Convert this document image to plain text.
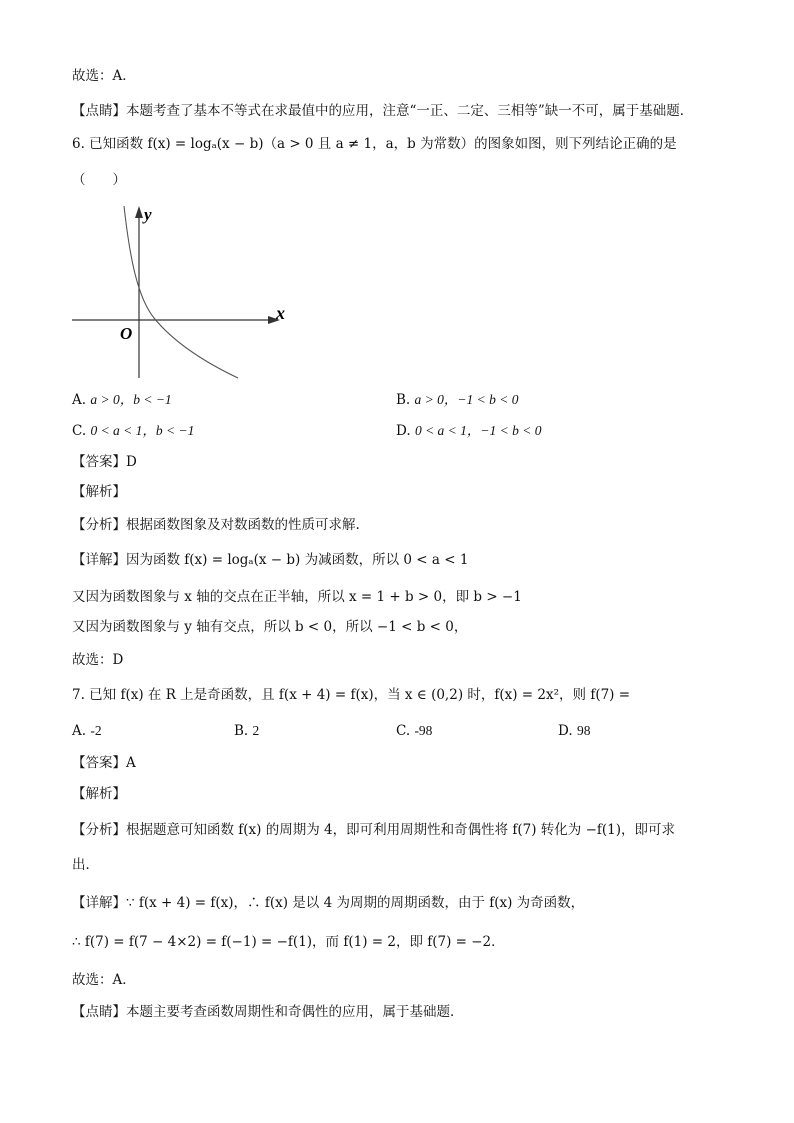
故选：A．
【点睛】本题考查了基本不等式在求最值中的应用，注意“一正、二定、三相等”缺一不可，属于基础题．
6. 已知函数 f(x) = logₐ(x − b)（a > 0 且 a ≠ 1，a，b 为常数）的图象如图，则下列结论正确的是
（　　）
y
x
O
A. a > 0，b < −1	B. a > 0，−1 < b < 0
C. 0 < a < 1，b < −1	D. 0 < a < 1，−1 < b < 0
【答案】D
【解析】
【分析】根据函数图象及对数函数的性质可求解.
【详解】因为函数 f(x) = logₐ(x − b) 为减函数，所以 0 < a < 1
又因为函数图象与 x 轴的交点在正半轴，所以 x = 1 + b > 0，即 b > −1
又因为函数图象与 y 轴有交点，所以 b < 0，所以 −1 < b < 0，
故选：D
7. 已知 f(x) 在 R 上是奇函数，且 f(x + 4) = f(x)，当 x ∈ (0,2) 时，f(x) = 2x²，则 f(7) =
A. -2	B. 2	C. -98	D. 98
【答案】A
【解析】
【分析】根据题意可知函数 f(x) 的周期为 4，即可利用周期性和奇偶性将 f(7) 转化为 −f(1)，即可求
出．
【详解】∵ f(x + 4) = f(x)，∴ f(x) 是以 4 为周期的周期函数，由于 f(x) 为奇函数，
∴ f(7) = f(7 − 4×2) = f(−1) = −f(1)，而 f(1) = 2，即 f(7) = −2．
故选：A．
【点睛】本题主要考查函数周期性和奇偶性的应用，属于基础题．
